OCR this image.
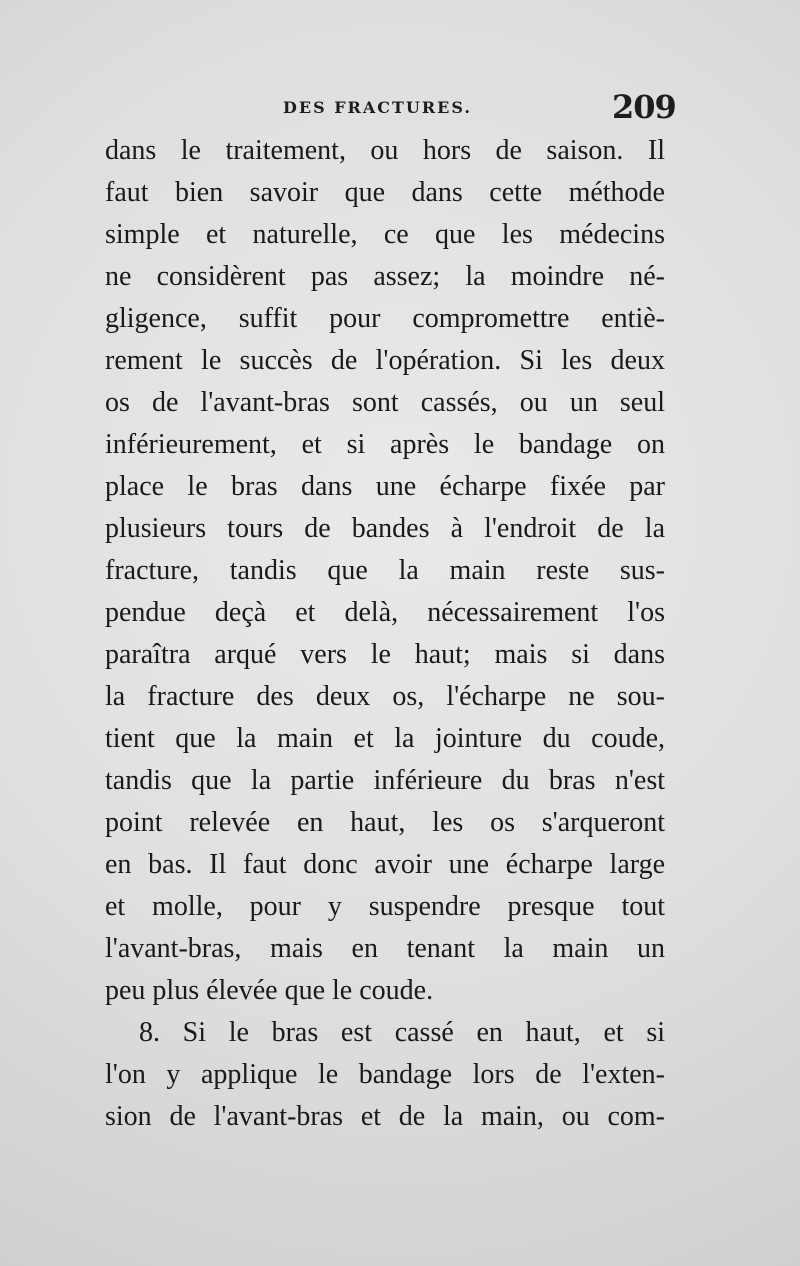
DES FRACTURES.	209
dans le traitement, ou hors de saison. Il
faut bien savoir que dans cette méthode
simple et naturelle, ce que les médecins
ne considèrent pas assez; la moindre né-
gligence, suffit pour compromettre entiè-
rement le succès de l'opération. Si les deux
os de l'avant-bras sont cassés, ou un seul
inférieurement, et si après le bandage on
place le bras dans une écharpe fixée par
plusieurs tours de bandes à l'endroit de la
fracture, tandis que la main reste sus-
pendue deçà et delà, nécessairement l'os
paraîtra arqué vers le haut; mais si dans
la fracture des deux os, l'écharpe ne sou-
tient que la main et la jointure du coude,
tandis que la partie inférieure du bras n'est
point relevée en haut, les os s'arqueront
en bas. Il faut donc avoir une écharpe large
et molle, pour y suspendre presque tout
l'avant-bras, mais en tenant la main un
peu plus élevée que le coude.
8. Si le bras est cassé en haut, et si
l'on y applique le bandage lors de l'exten-
sion de l'avant-bras et de la main, ou com-
